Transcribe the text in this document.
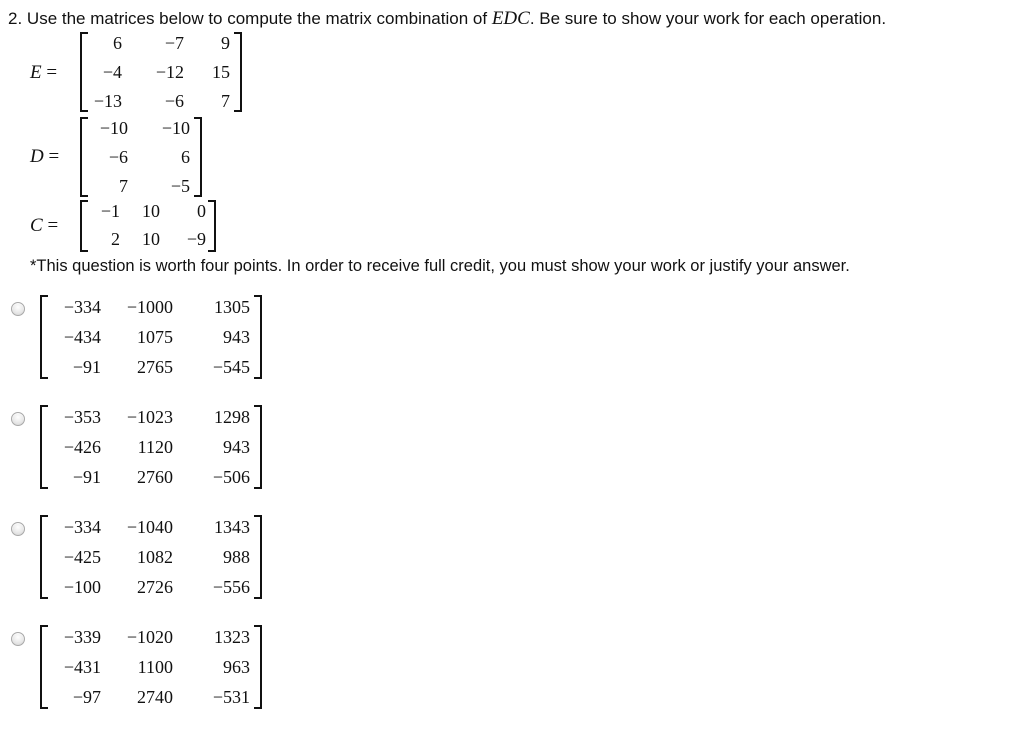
2. Use the matrices below to compute the matrix combination of EDC. Be sure to show your work for each operation.
E =
6 −7 9
−4 −12 15
−13 −6 7
D =
−10 −10
−6	6
7 −5
C =
−1 10 0
2 10 −9
*This question is worth four points. In order to receive full credit, you must show your work or justify your answer.
−334 −1000 1305
−434 1075	943
−91 2765 −545
−353 −1023 1298
−426 1120	943
−91 2760 −506
−334 −1040 1343
−425 1082	988
−100 2726 −556
−339 −1020 1323
−431 1100	963
−97 2740 −531
